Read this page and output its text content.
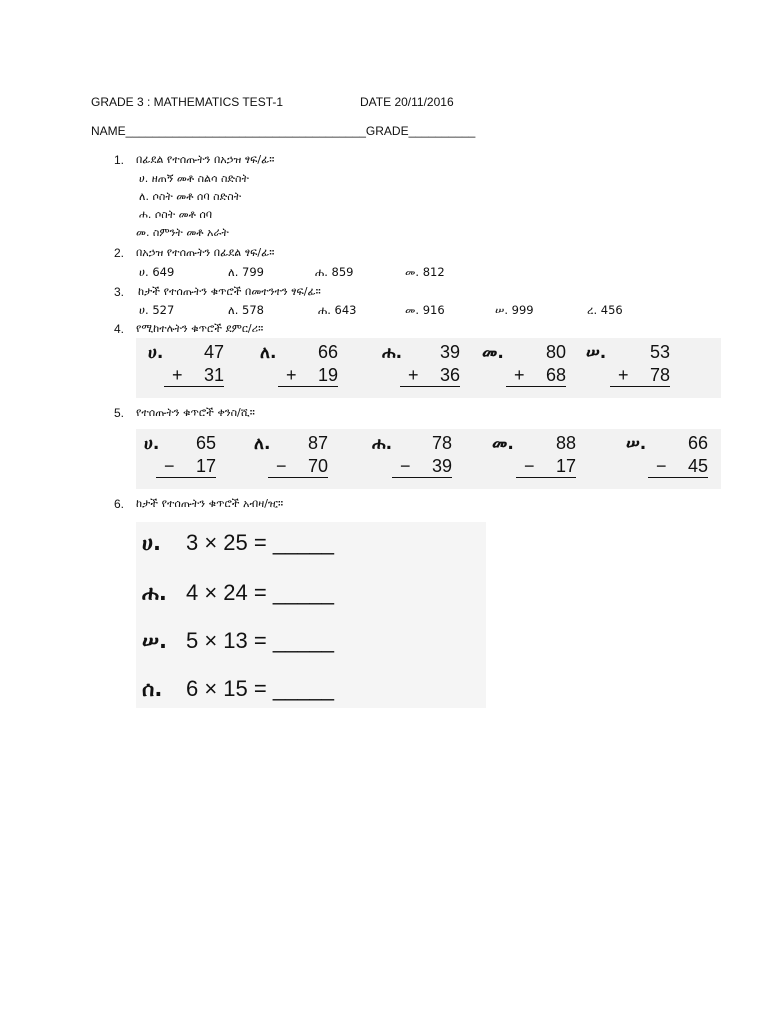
GRADE 3 : MATHEMATICS TEST-1	DATE 20/11/2016
NAME____________________________________GRADE__________
1. በፊደል የተሰጡትን በአኃዝ ፃፍ/ፊ።
ሀ. ዘጠኝ መቶ ስልሳ ስድስት
ለ. ሶስት መቶ ሰባ ስድስት
ሐ. ሶስት መቶ ሰባ
መ. ስምንት መቶ አራት
2. በአኃዝ የተሰጡትን በፊደል ፃፍ/ፊ።
ሀ. 649	ለ. 799	ሐ. 859	መ. 812
3. ከታች የተሰጡትን ቁጥሮች በመተንተን ፃፍ/ፊ።
ሀ. 527	ለ. 578	ሐ. 643	መ. 916	ሠ. 999	ረ. 456
4. የሚከተሉትን ቁጥሮች ደምር/ሪ።
ሀ.	47
+ 31
ለ.	66
+ 19
ሐ.	39
+ 36
መ.	80
+ 68
ሠ.	53
+ 78
5. የተሰጡትን ቁጥሮች ቀንስ/ሺ።
ሀ.	65
− 17
ለ.	87
− 70
ሐ.	78
− 39
መ.	88
− 17
ሠ.	66
− 45
6. ከታች የተሰጡትን ቁጥሮች አብዛ/ዢ።
ሀ. 3 × 25 = _____
ሐ. 4 × 24 = _____
ሠ. 5 × 13 = _____
ሰ. 6 × 15 = _____
